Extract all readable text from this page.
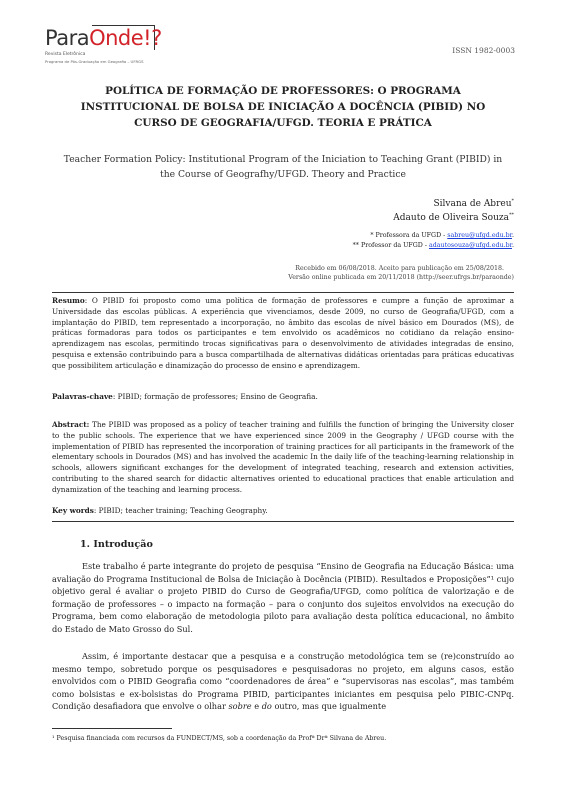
ParaOnde!?
Revista Eletrônica
Programa de Pós-Graduação em Geografia – UFRGS
ISSN 1982-0003
POLÍTICA DE FORMAÇÃO DE PROFESSORES: O PROGRAMA INSTITUCIONAL DE BOLSA DE INICIAÇÃO A DOCÊNCIA (PIBID) NO CURSO DE GEOGRAFIA/UFGD. TEORIA E PRÁTICA
Teacher Formation Policy: Institutional Program of the Iniciation to Teaching Grant (PIBID) in the Course of Geografhy/UFGD. Theory and Practice
Silvana de Abreu*
Adauto de Oliveira Souza**
* Professora da UFGD - sabreu@ufgd.edu.br.
** Professor da UFGD - adautosouza@ufgd.edu.br.
Recebido em 06/08/2018. Aceito para publicação em 25/08/2018.
Versão online publicada em 20/11/2018 (http://seer.ufrgs.br/paraonde)
Resumo: O PIBID foi proposto como uma política de formação de professores e cumpre a função de aproximar a Universidade das escolas públicas. A experiência que vivenciamos, desde 2009, no curso de Geografia/UFGD, com a implantação do PIBID, tem representado a incorporação, no âmbito das escolas de nível básico em Dourados (MS), de práticas formadoras para todos os participantes e tem envolvido os acadêmicos no cotidiano da relação ensino-aprendizagem nas escolas, permitindo trocas significativas para o desenvolvimento de atividades integradas de ensino, pesquisa e extensão contribuindo para a busca compartilhada de alternativas didáticas orientadas para práticas educativas que possibilitem articulação e dinamização do processo de ensino e aprendizagem.
Palavras-chave: PIBID; formação de professores; Ensino de Geografia.
Abstract: The PIBID was proposed as a policy of teacher training and fulfills the function of bringing the University closer to the public schools. The experience that we have experienced since 2009 in the Geography / UFGD course with the implementation of PIBID has represented the incorporation of training practices for all participants in the framework of the elementary schools in Dourados (MS) and has involved the academic In the daily life of the teaching-learning relationship in schools, allowers significant exchanges for the development of integrated teaching, research and extension activities, contributing to the shared search for didactic alternatives oriented to educational practices that enable articulation and dynamization of the teaching and learning process.
Key words: PIBID; teacher training; Teaching Geography.
1. Introdução
Este trabalho é parte integrante do projeto de pesquisa “Ensino de Geografia na Educação Básica: uma avaliação do Programa Institucional de Bolsa de Iniciação à Docência (PIBID). Resultados e Proposições”¹ cujo objetivo geral é avaliar o projeto PIBID do Curso de Geografia/UFGD, como política de valorização e de formação de professores – o impacto na formação – para o conjunto dos sujeitos envolvidos na execução do Programa, bem como elaboração de metodologia piloto para avaliação desta política educacional, no âmbito do Estado de Mato Grosso do Sul.
Assim, é importante destacar que a pesquisa e a construção metodológica tem se (re)construído ao mesmo tempo, sobretudo porque os pesquisadores e pesquisadoras no projeto, em alguns casos, estão envolvidos com o PIBID Geografia como “coordenadores de área” e “supervisoras nas escolas”, mas também como bolsistas e ex-bolsistas do Programa PIBID, participantes iniciantes em pesquisa pelo PIBIC-CNPq. Condição desafiadora que envolve o olhar sobre e do outro, mas que igualmente
¹ Pesquisa financiada com recursos da FUNDECT/MS, sob a coordenação da Profª Drª Silvana de Abreu.
